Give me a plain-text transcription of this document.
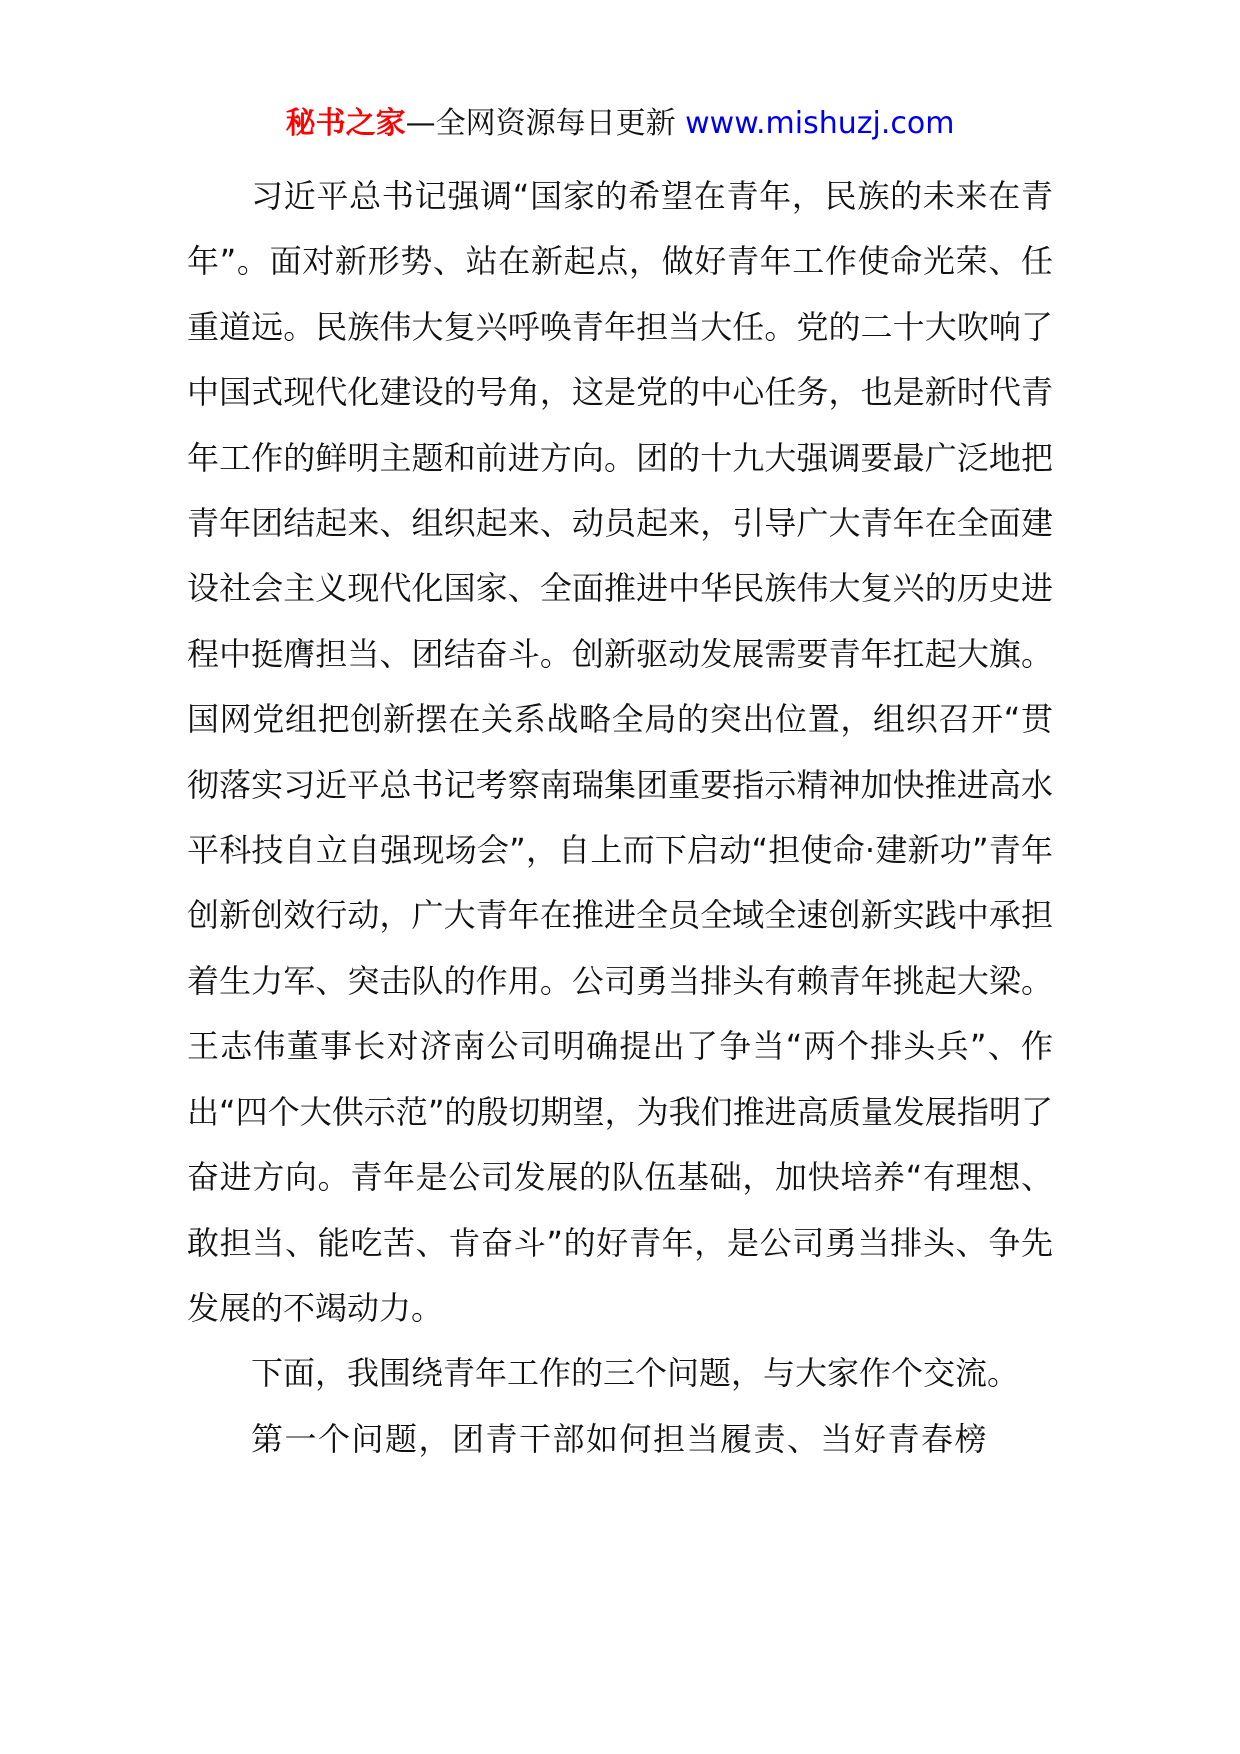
秘书之家—全网资源每日更新 www.mishuzj.com

习近平总书记强调“国家的希望在青年，民族的未来在青年”。面对新形势、站在新起点，做好青年工作使命光荣、任重道远。民族伟大复兴呼唤青年担当大任。党的二十大吹响了中国式现代化建设的号角，这是党的中心任务，也是新时代青年工作的鲜明主题和前进方向。团的十九大强调要最广泛地把青年团结起来、组织起来、动员起来，引导广大青年在全面建设社会主义现代化国家、全面推进中华民族伟大复兴的历史进程中挺膺担当、团结奋斗。创新驱动发展需要青年扛起大旗。国网党组把创新摆在关系战略全局的突出位置，组织召开“贯彻落实习近平总书记考察南瑞集团重要指示精神加快推进高水平科技自立自强现场会”，自上而下启动“担使命·建新功”青年创新创效行动，广大青年在推进全员全域全速创新实践中承担着生力军、突击队的作用。公司勇当排头有赖青年挑起大梁。王志伟董事长对济南公司明确提出了争当“两个排头兵”、作出“四个大供示范”的殷切期望，为我们推进高质量发展指明了奋进方向。青年是公司发展的队伍基础，加快培养“有理想、敢担当、能吃苦、肯奋斗”的好青年，是公司勇当排头、争先发展的不竭动力。

下面，我围绕青年工作的三个问题，与大家作个交流。

第一个问题，团青干部如何担当履责、当好青春榜
